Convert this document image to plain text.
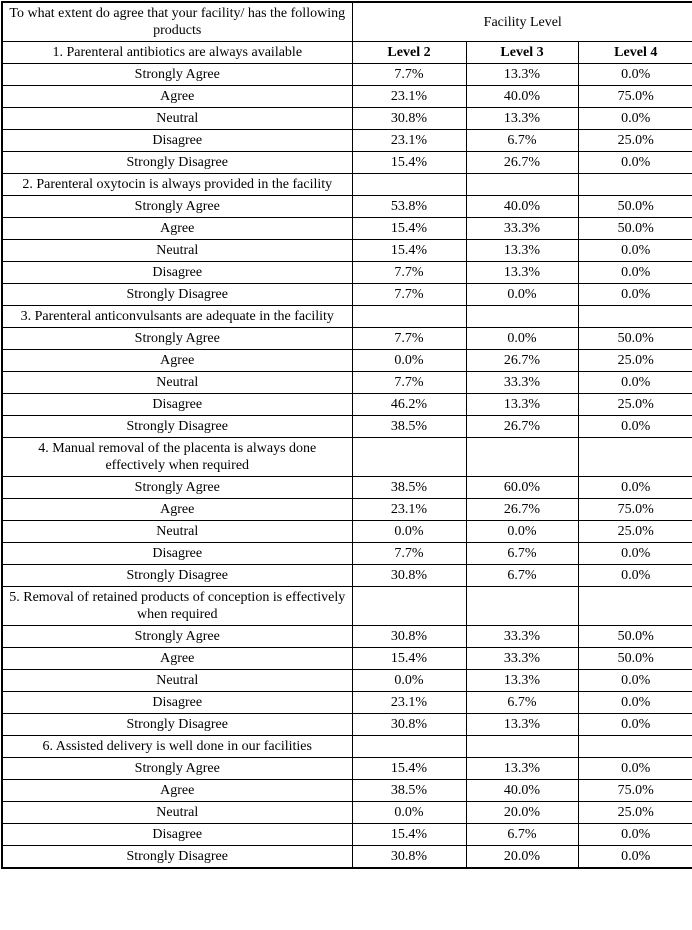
To what extent do agree that your facility/ has the following products	Facility Level		
1. Parenteral antibiotics are always available	Level 2	Level 3	Level 4
Strongly Agree	7.7%	13.3%	0.0%
Agree	23.1%	40.0%	75.0%
Neutral	30.8%	13.3%	0.0%
Disagree	23.1%	6.7%	25.0%
Strongly Disagree	15.4%	26.7%	0.0%
2. Parenteral oxytocin is always provided in the facility			
Strongly Agree	53.8%	40.0%	50.0%
Agree	15.4%	33.3%	50.0%
Neutral	15.4%	13.3%	0.0%
Disagree	7.7%	13.3%	0.0%
Strongly Disagree	7.7%	0.0%	0.0%
3. Parenteral anticonvulsants are adequate in the facility			
Strongly Agree	7.7%	0.0%	50.0%
Agree	0.0%	26.7%	25.0%
Neutral	7.7%	33.3%	0.0%
Disagree	46.2%	13.3%	25.0%
Strongly Disagree	38.5%	26.7%	0.0%
4. Manual removal of the placenta is always done effectively when required			
Strongly Agree	38.5%	60.0%	0.0%
Agree	23.1%	26.7%	75.0%
Neutral	0.0%	0.0%	25.0%
Disagree	7.7%	6.7%	0.0%
Strongly Disagree	30.8%	6.7%	0.0%
5. Removal of retained products of conception is effectively when required			
Strongly Agree	30.8%	33.3%	50.0%
Agree	15.4%	33.3%	50.0%
Neutral	0.0%	13.3%	0.0%
Disagree	23.1%	6.7%	0.0%
Strongly Disagree	30.8%	13.3%	0.0%
6. Assisted delivery is well done in our facilities			
Strongly Agree	15.4%	13.3%	0.0%
Agree	38.5%	40.0%	75.0%
Neutral	0.0%	20.0%	25.0%
Disagree	15.4%	6.7%	0.0%
Strongly Disagree	30.8%	20.0%	0.0%
